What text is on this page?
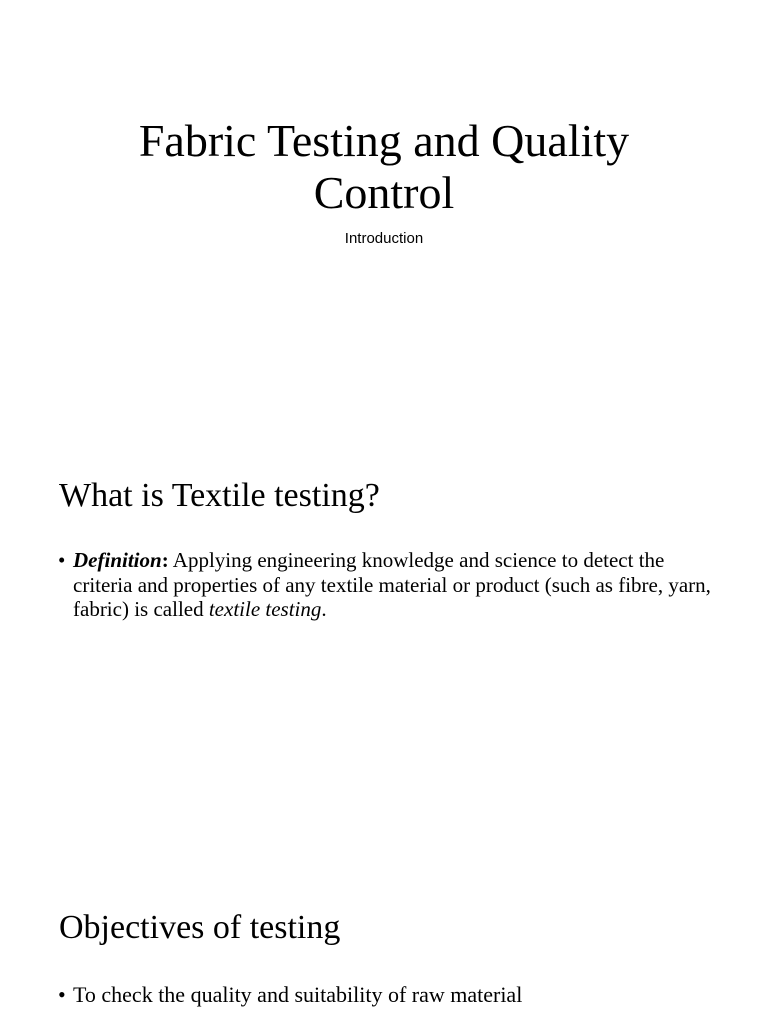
Fabric Testing and Quality
Control

Introduction

What is Textile testing?
• Definition: Applying engineering knowledge and science to detect the criteria and properties of any textile material or product (such as fibre, yarn, fabric) is called textile testing.
Objectives of testing
• To check the quality and suitability of raw material
